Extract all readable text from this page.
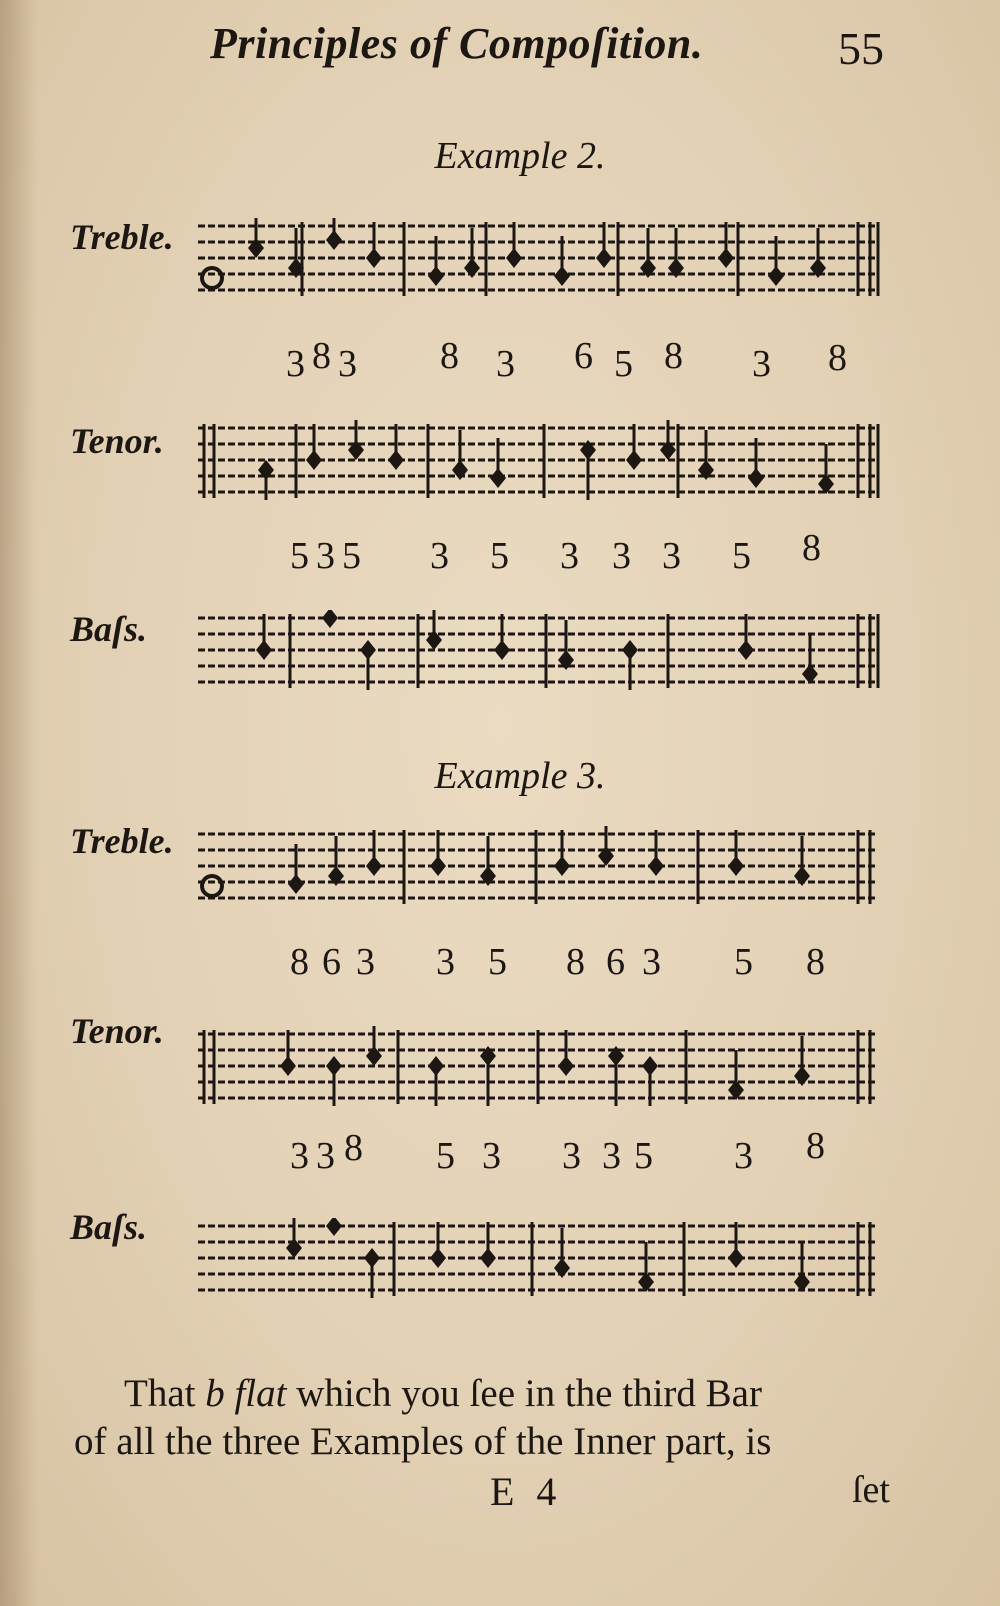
Principles of Compoſition.	55
Example 2.
Treble.
3 8 3 8 3 6 5 8 3 8
Tenor.
5 3 5 3 5 3 3 3 5 8
Baſs.
Example 3.
Treble.
8 6 3 3 5 8 6 3 5 8
Tenor.
3 3 8 5 3 3 3 5 3 8
Baſs.
That b flat which you ſee in the third Bar
of all the three Examples of the Inner part, is
E 4	ſet
